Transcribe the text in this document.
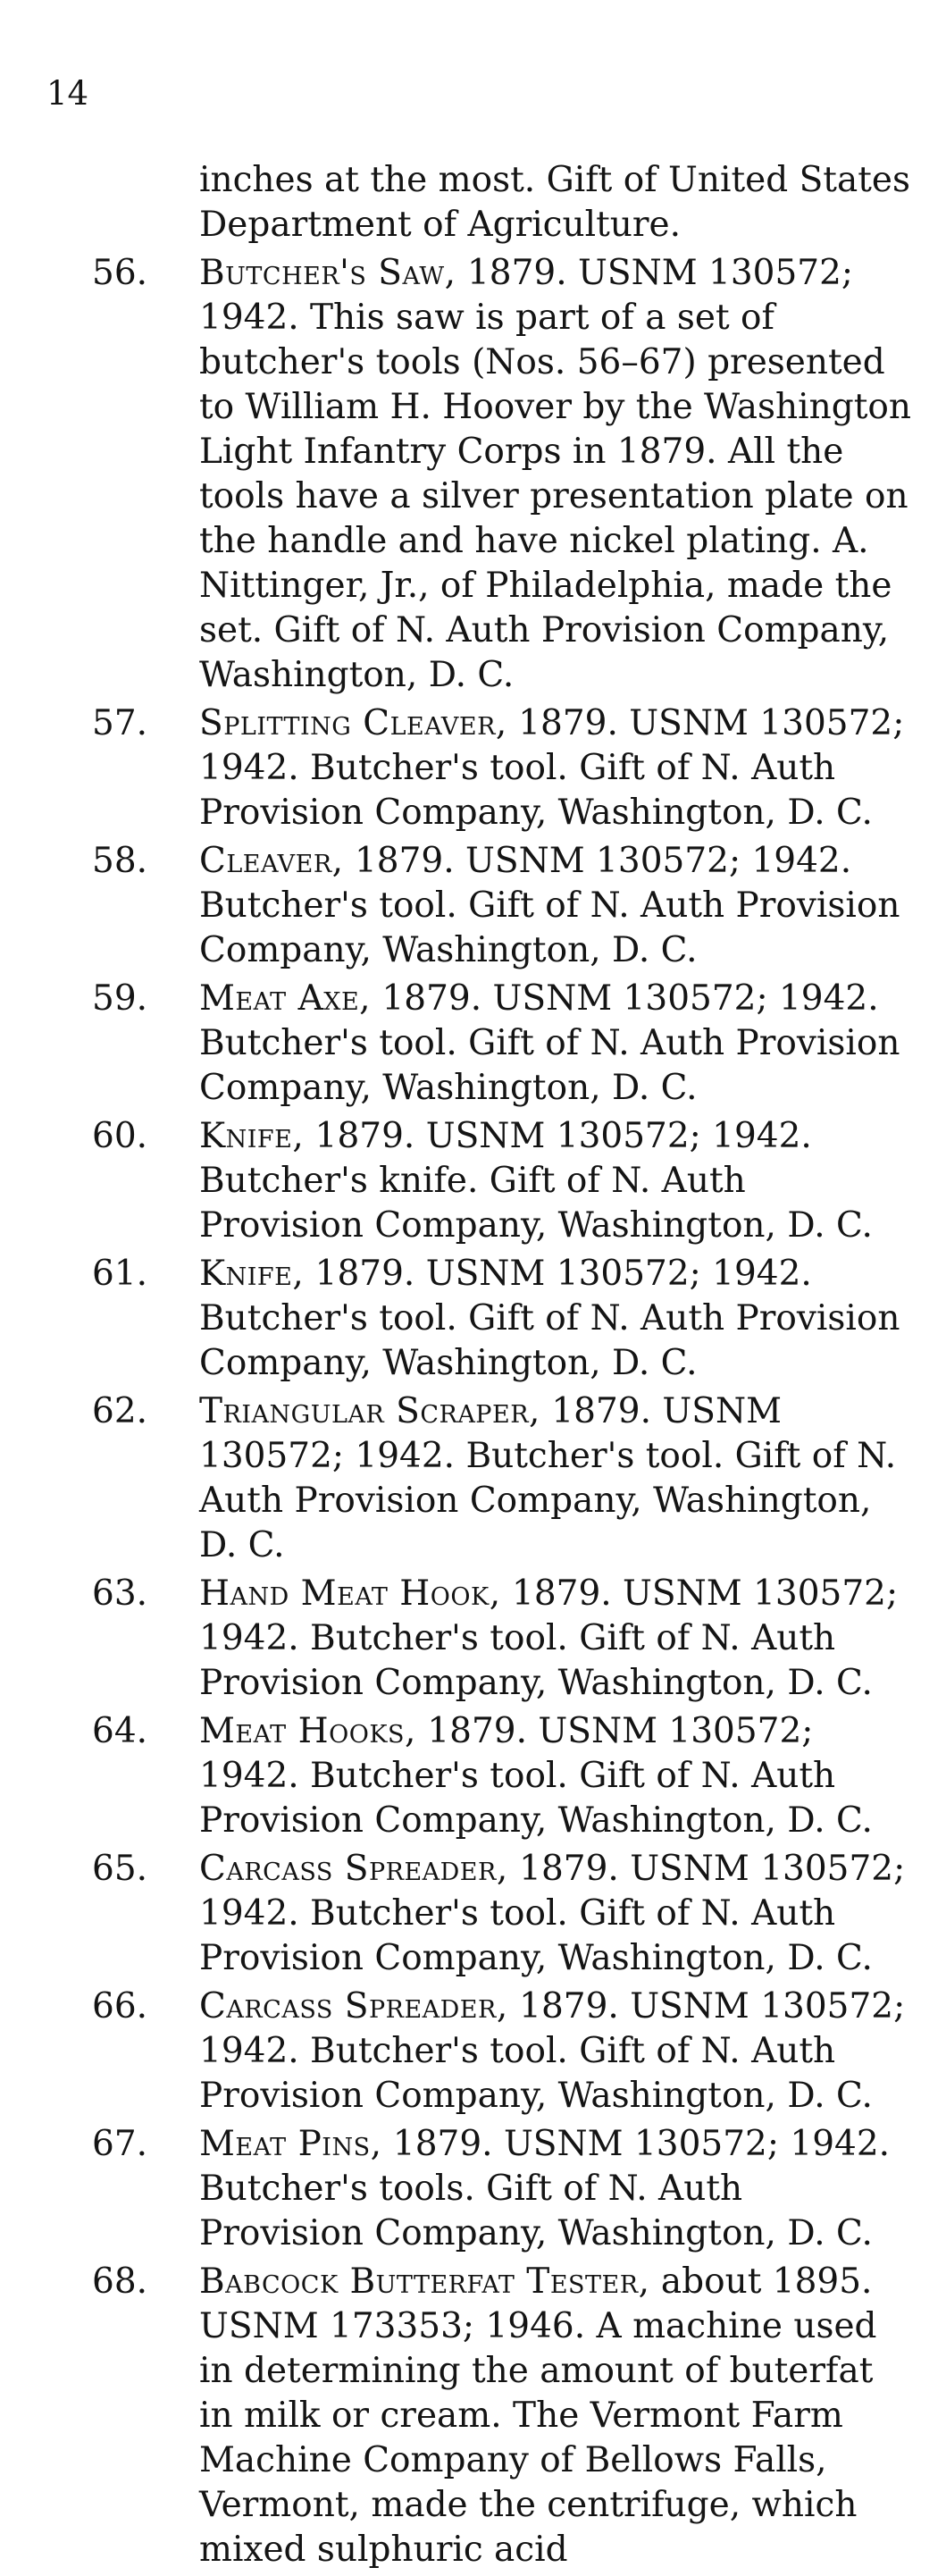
14

inches at the most. Gift of United States Department of Agriculture.

56. Butcher's Saw, 1879. USNM 130572; 1942. This saw is part of a set of butcher's tools (Nos. 56–67) presented to William H. Hoover by the Washington Light Infantry Corps in 1879. All the tools have a silver presentation plate on the handle and have nickel plating. A. Nittinger, Jr., of Philadelphia, made the set. Gift of N. Auth Provision Company, Washington, D. C.

57. Splitting Cleaver, 1879. USNM 130572; 1942. Butcher's tool. Gift of N. Auth Provision Company, Washington, D. C.

58. Cleaver, 1879. USNM 130572; 1942. Butcher's tool. Gift of N. Auth Provision Company, Washington, D. C.

59. Meat Axe, 1879. USNM 130572; 1942. Butcher's tool. Gift of N. Auth Provision Company, Washington, D. C.

60. Knife, 1879. USNM 130572; 1942. Butcher's knife. Gift of N. Auth Provision Company, Washington, D. C.

61. Knife, 1879. USNM 130572; 1942. Butcher's tool. Gift of N. Auth Provision Company, Washington, D. C.

62. Triangular Scraper, 1879. USNM 130572; 1942. Butcher's tool. Gift of N. Auth Provision Company, Washington, D. C.

63. Hand Meat Hook, 1879. USNM 130572; 1942. Butcher's tool. Gift of N. Auth Provision Company, Washington, D. C.

64. Meat Hooks, 1879. USNM 130572; 1942. Butcher's tool. Gift of N. Auth Provision Company, Washington, D. C.

65. Carcass Spreader, 1879. USNM 130572; 1942. Butcher's tool. Gift of N. Auth Provision Company, Washington, D. C.

66. Carcass Spreader, 1879. USNM 130572; 1942. Butcher's tool. Gift of N. Auth Provision Company, Washington, D. C.

67. Meat Pins, 1879. USNM 130572; 1942. Butcher's tools. Gift of N. Auth Provision Company, Washington, D. C.

68. Babcock Butterfat Tester, about 1895. USNM 173353; 1946. A machine used in determining the amount of buterfat in milk or cream. The Vermont Farm Machine Company of Bellows Falls, Vermont, made the centrifuge, which mixed sulphuric acid
